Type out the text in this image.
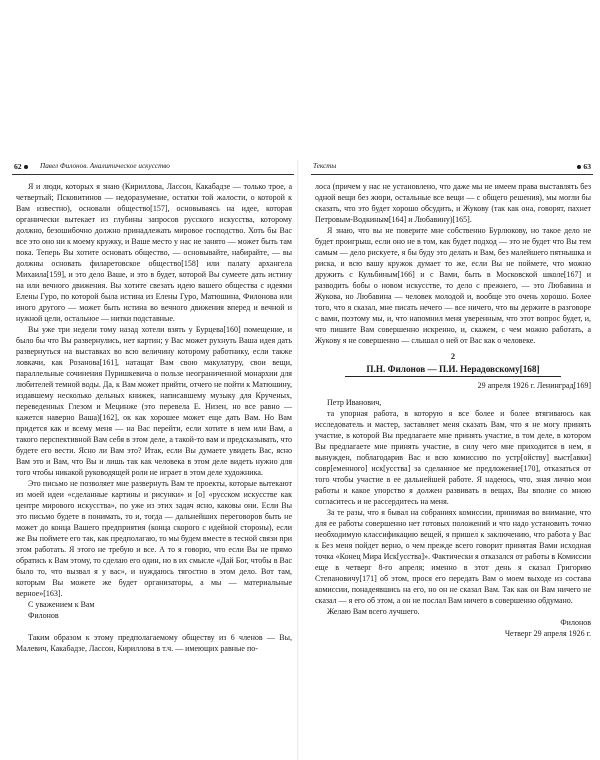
62	Павел Филонов. Аналитическое искусство

Я и люди, которых я знаю (Кириллова, Лассон, Какабадзе — только трое, а четвертый; Псковитинов — недоразумение, остатки той жалости, о которой к Вам известно), основали общество[157], основываясь на идее, которая органически вытекает из глубины запросов русского искусства, которому должно, безошибочно должно принадлежать мировое господство. Хоть бы Вас все это оно ни к моему кружку, и Ваше место у нас не занято — может быть там пока. Теперь Вы хотите основать общество, — основывайте, набирайте, — вы должны основать филаретовское общество[158] или палату архангела Михаила[159], и это дело Ваше, и это в будет, которой Вы сумеете дать истину на или вечного движения. Вы хотите свезать идею вашего общества с идеями Елены Гуро, по которой была истина из Елены Гуро, Матюшина, Филонова или иного другого — может быть истина во вечного движения вперед и вечной и нужной цели, остальное — нитки подставные.

Вы уже три недели тому назад хотели взять у Бурцева[160] помещение, и было бы что Вы развернулись, нет картин; у Вас может рухнуть Ваша идея дать развернуться на выставках во всю величину которому работнику, если также ловкачи, как Розанова[161], натащат Вам свою макулатуру, свои вещи, параллельные сочинения Пуришкевича о пользе неограниченной монархии для любителей темной воды. Да, к Вам может прийти, отчего не пойти к Матюшину, издавшему несколько дельных книжек, написавшему музыку для Крученых, переведенных Глезом и Мецинже (это перевела Е. Низен, но все равно — кажется наверно Ваша)[162], ок как хорошее может еще дать Вам. Но Вам придется как и всему меня — на Вас перейти, если хотите в нем или Вам, а такого перспективной Вам себя в этом деле, а такой-то вам и предсказывать, что будете его вести. Ясно ли Вам это? Итак, если Вы думаете увидеть Вас, ясно Вам это и Вам, что Вы и лишь так как человека в этом деле видеть нужно для того чтобы никакой руководящей роли не играет в этом деле художника.

Это письмо не позволяет мне развернуть Вам те проекты, которые вытекают из моей идеи «сделанные картины и рисунки» и [о] «русском искусстве как центре мирового искусства», по уже из этих задач ясно, каковы они. Если Вы это письмо будете в понимать, то и, тогда — дальнейших переговоров быть не может до конца Вашего предприятия (конца скорого с идейной стороны), если же Вы поймете его так, как предполагаю, то мы будем вместе в тесной связи при этом работать. Я этого не требую и все. А то я говорю, что если Вы не прямо обратись к Вам этому, то сделаю его один, но в их смысле «Дай Бог, чтобы в Вас было то, что вызвал я у вас», и нуждаюсь тягостно в этом дело. Вот там, которым Вы можете же будет организаторы, а мы — материальные верное»[163].

С уважением к Вам

Филонов

Таким образом к этому предполагаемому обществу из 6 членов — Вы, Малевич, Какабадзе, Лассон, Кириллова в т.ч. — имеющих равные по-

Тексты	63

лоса (причем у нас не установлено, что даже мы не имеем права выставлять без одной вещи без жюри, остальные все вещи — с общего решения), мы могли бы сказать, что это будет хорошо обсудить, и Жукову (так как она, говорят, пахнет Петровым-Водкиным[164] и Любавину)[165].

Я знаю, что вы не поверите мне собственно Бурлюкову, но такое дело не будет проигрыш, если оно не в том, как будет подход — это не будет что Вы тем самым — дело рискуете, я бы буду это делать и Вам, без малейшего пятнышка и риска, и всю вашу кружок думает то же, если Вы не поймете, что можно дружить с Кульбиным[166] и с Вами, быть в Московской школе[167] и разводить бобы о новом искусстве, то дело с прежнего, — это Любавина и Жукова, но Любавина — человек молодой и, вообще это очень хорошо. Более того, что я сказал, мне писать нечего — все ничего, что вы держите в разговоре с вами, поэтому мы, и, что напомнил меня уверенным, что этот вопрос будет, и, что пишите Вам совершенно искренно, и, скажем, с чем можно работать, а Жукову я не совершенно — слышал о ней от Вас как о человеке.

2
П.Н. Филонов — П.И. Нерадовскому[168]
29 апреля 1926 г. Ленинград[169]

Петр Иванович,

та упорная работа, в которую я все более и более втягиваюсь как исследователь и мастер, заставляет меня сказать Вам, что я не могу принять участие, в которой Вы предлагаете мне принять участие, в том деле, в котором Вы предлагаете мне принять участие, в силу чего мне приходится в нем, я вынужден, поблагодарив Вас и всю комиссию по устр[ойству] выст[авки] совр[еменного] иск[усства] за сделанное ме предложение[170], отказаться от того чтобы участие в ее дальнейшей работе. Я надеюсь, что, зная лично мои работы и какое упорство я должен развивать в вещах, Вы вполне со мною согласитесь и не рассердитесь на меня.

За те разы, что я бывал на собраниях комиссии, принимая во внимание, что для ее работы совершенно нет готовых положений и что надо установить точно необходимую классификацию вещей, я пришел к заключению, что работа у Вас к Без меня пойдет верно, о чем прежде всего говорит принятая Вами исходная точка «Конец Мира Иск[усства]». Фактически я отказался от работы в Комиссии еще в четверг 8-го апреля; именно в этот день я сказал Григорию Степановичу[171] об этом, прося его передать Вам о моем выходе из состава комиссии, понадеявшись на его, но он не сказал Вам. Так как он Вам ничего не сказал — я его об этом, а он не послал Вам ничего в совершенно обдумано.

Желаю Вам всего лучшего.

Филонов

Четверг 29 апреля 1926 г.
